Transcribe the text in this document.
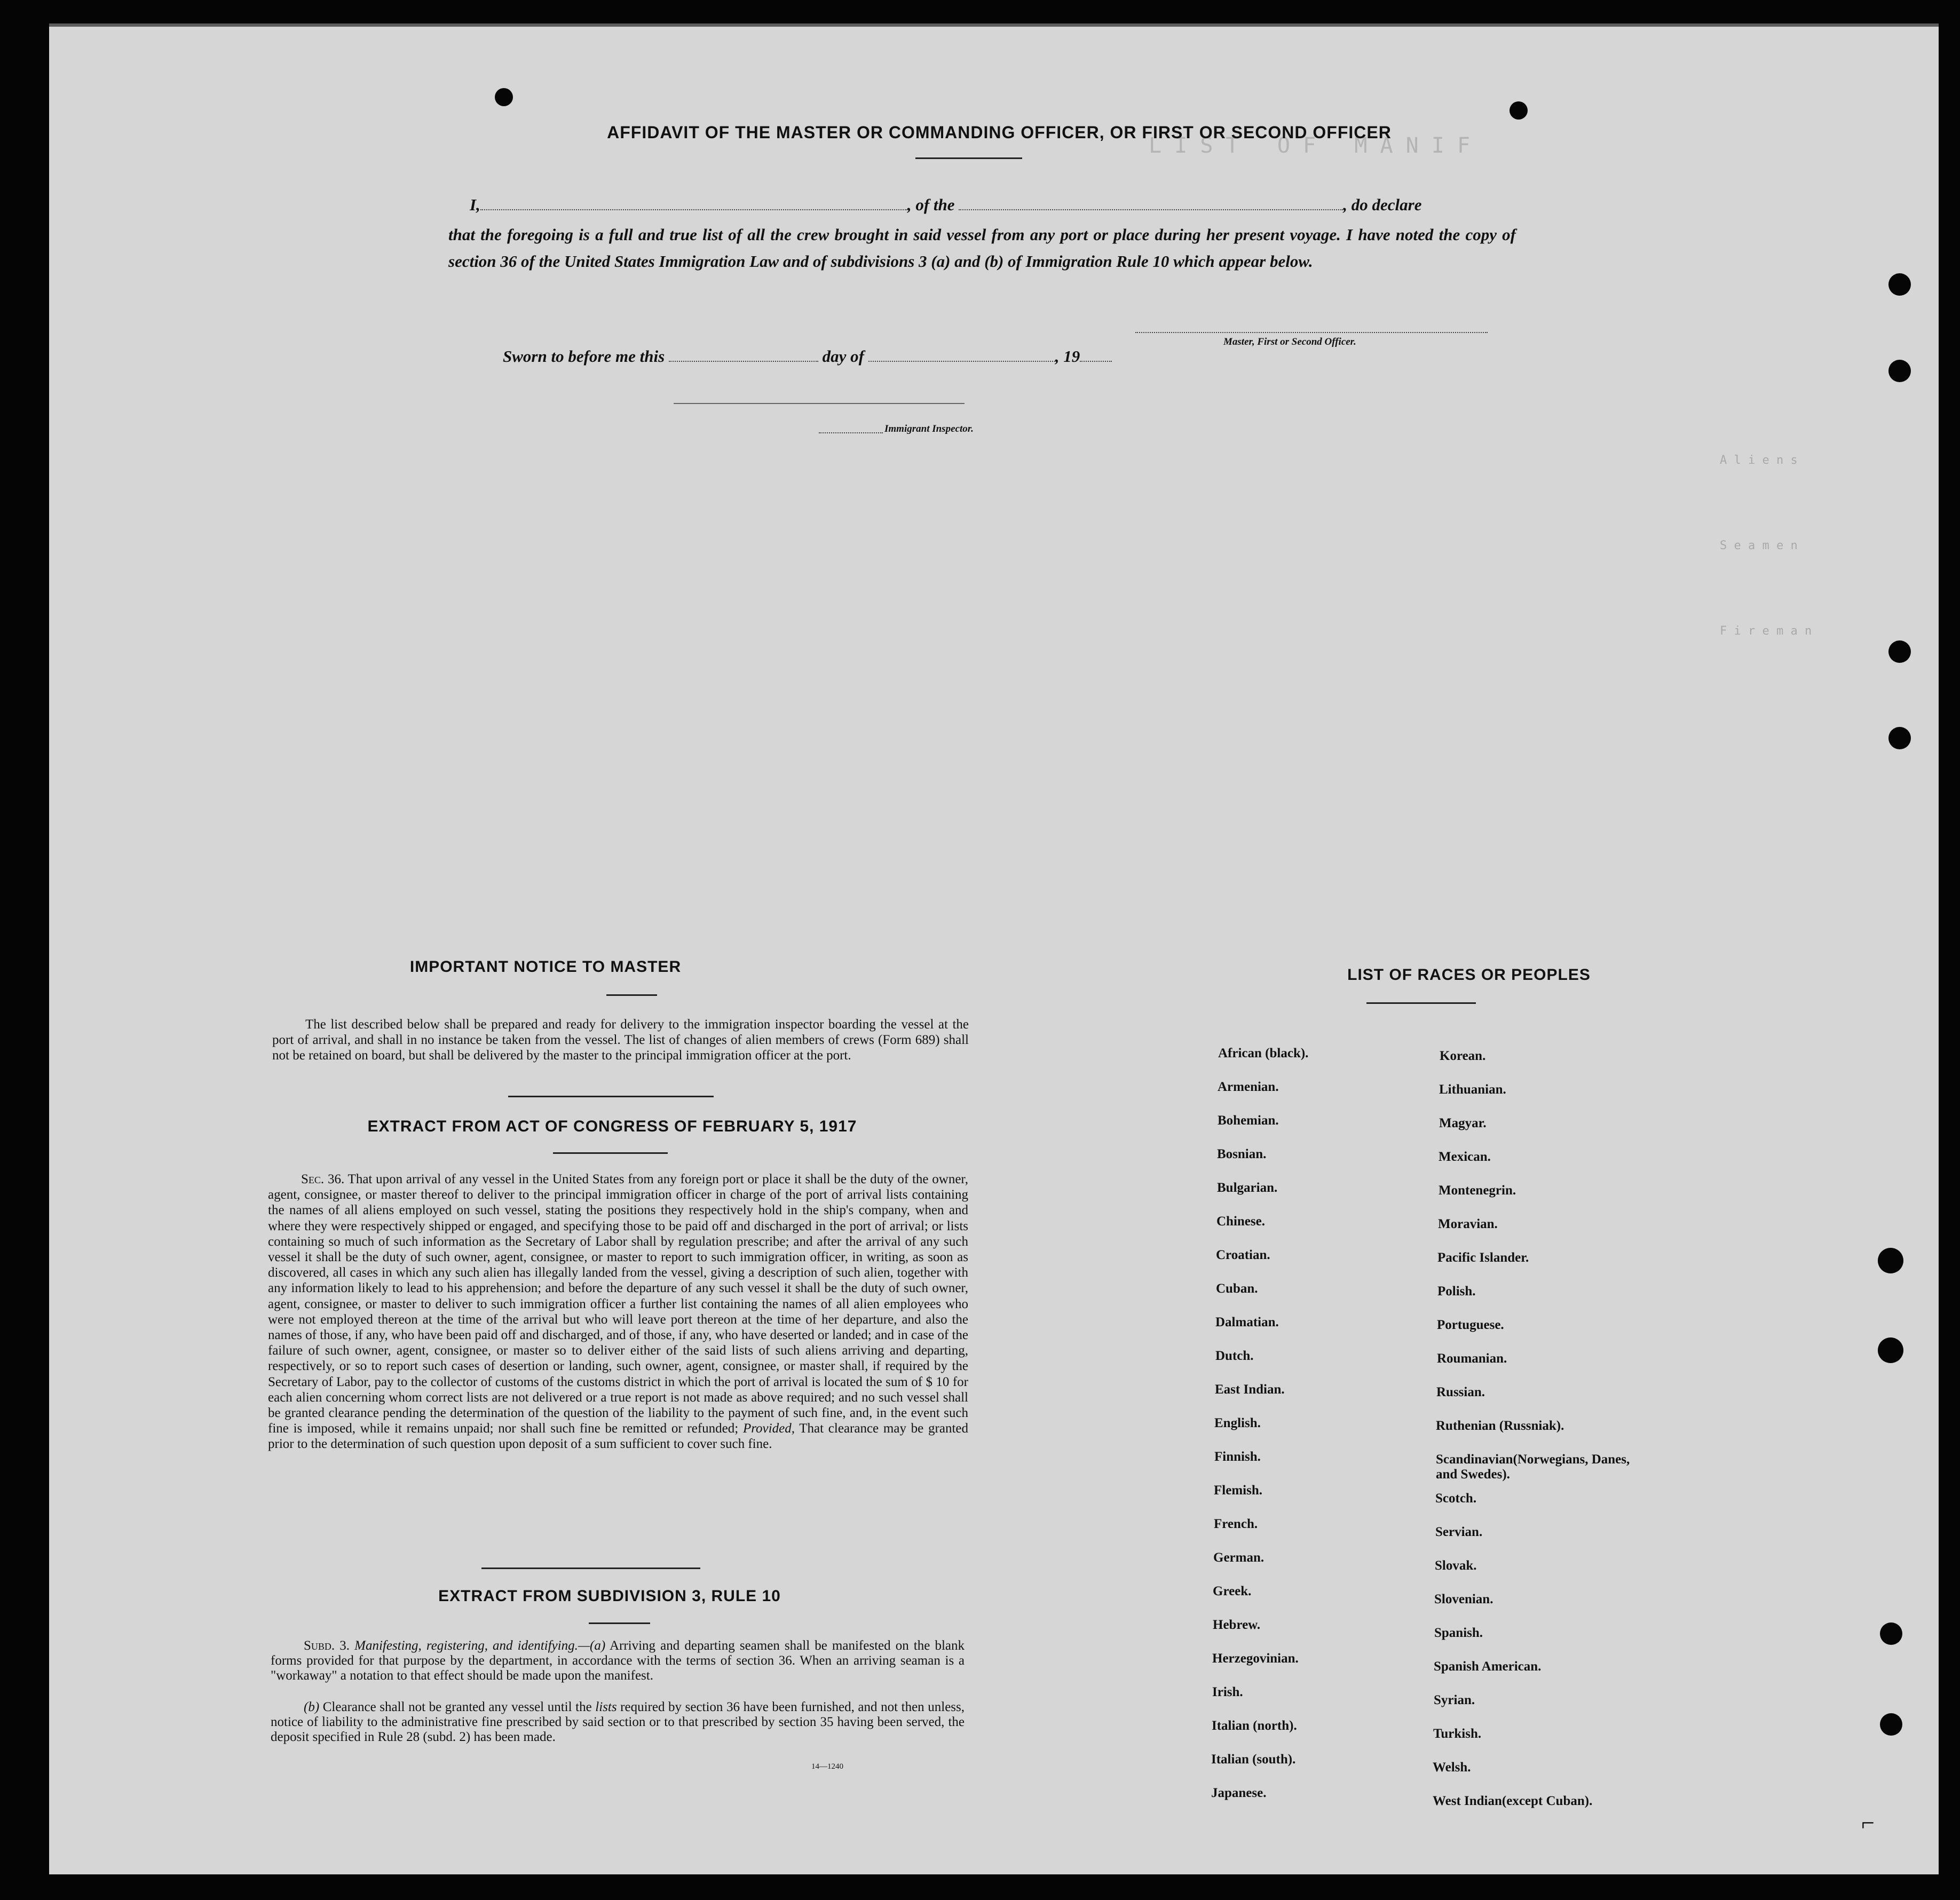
L I S T   O F   M A N I F
A l i e n s
S e a m e n
F i r e m a n
AFFIDAVIT OF THE MASTER OR COMMANDING OFFICER, OR FIRST OR SECOND OFFICER
I,	, of the	, do declare
that the foregoing is a full and true list of all the crew brought in said vessel from any port or place during her present voyage. I have noted the copy of section 36 of the United States Immigration Law and of subdivisions 3 (a) and (b) of Immigration Rule 10 which appear below.
Master, First or Second Officer.
Sworn to before me this	day of	, 19
Immigrant Inspector.
IMPORTANT NOTICE TO MASTER
The list described below shall be prepared and ready for delivery to the immigration inspector boarding the vessel at the port of arrival, and shall in no instance be taken from the vessel. The list of changes of alien members of crews (Form 689) shall not be retained on board, but shall be delivered by the master to the principal immigration officer at the port.
EXTRACT FROM ACT OF CONGRESS OF FEBRUARY 5, 1917
Sec. 36. That upon arrival of any vessel in the United States from any foreign port or place it shall be the duty of the owner, agent, consignee, or master thereof to deliver to the principal immigration officer in charge of the port of arrival lists containing the names of all aliens employed on such vessel, stating the positions they respectively hold in the ship's company, when and where they were respectively shipped or engaged, and specifying those to be paid off and discharged in the port of arrival; or lists containing so much of such information as the Secretary of Labor shall by regulation prescribe; and after the arrival of any such vessel it shall be the duty of such owner, agent, consignee, or master to report to such immigration officer, in writing, as soon as discovered, all cases in which any such alien has illegally landed from the vessel, giving a description of such alien, together with any information likely to lead to his apprehension; and before the departure of any such vessel it shall be the duty of such owner, agent, consignee, or master to deliver to such immigration officer a further list containing the names of all alien employees who were not employed thereon at the time of the arrival but who will leave port thereon at the time of her departure, and also the names of those, if any, who have been paid off and discharged, and of those, if any, who have deserted or landed; and in case of the failure of such owner, agent, consignee, or master so to deliver either of the said lists of such aliens arriving and departing, respectively, or so to report such cases of desertion or landing, such owner, agent, consignee, or master shall, if required by the Secretary of Labor, pay to the collector of customs of the customs district in which the port of arrival is located the sum of $ 10 for each alien concerning whom correct lists are not delivered or a true report is not made as above required; and no such vessel shall be granted clearance pending the determination of the question of the liability to the payment of such fine, and, in the event such fine is imposed, while it remains unpaid; nor shall such fine be remitted or refunded; Provided, That clearance may be granted prior to the determination of such question upon deposit of a sum sufficient to cover such fine.
EXTRACT FROM SUBDIVISION 3, RULE 10
Subd. 3. Manifesting, registering, and identifying.—(a) Arriving and departing seamen shall be manifested on the blank forms provided for that purpose by the department, in accordance with the terms of section 36. When an arriving seaman is a "workaway" a notation to that effect should be made upon the manifest.
(b) Clearance shall not be granted any vessel until the lists required by section 36 have been furnished, and not then unless, notice of liability to the administrative fine prescribed by said section or to that prescribed by section 35 having been served, the deposit specified in Rule 28 (subd. 2) has been made.
14—1240
LIST OF RACES OR PEOPLES
African (black).
Armenian.
Bohemian.
Bosnian.
Bulgarian.
Chinese.
Croatian.
Cuban.
Dalmatian.
Dutch.
East Indian.
English.
Finnish.
Flemish.
French.
German.
Greek.
Hebrew.
Herzegovinian.
Irish.
Italian (north).
Italian (south).
Japanese.
Korean.
Lithuanian.
Magyar.
Mexican.
Montenegrin.
Moravian.
Pacific Islander.
Polish.
Portuguese.
Roumanian.
Russian.
Ruthenian (Russniak).
Scandinavian(Norwegians, Danes, and Swedes).
Scotch.
Servian.
Slovak.
Slovenian.
Spanish.
Spanish American.
Syrian.
Turkish.
Welsh.
West Indian(except Cuban).
⌐
